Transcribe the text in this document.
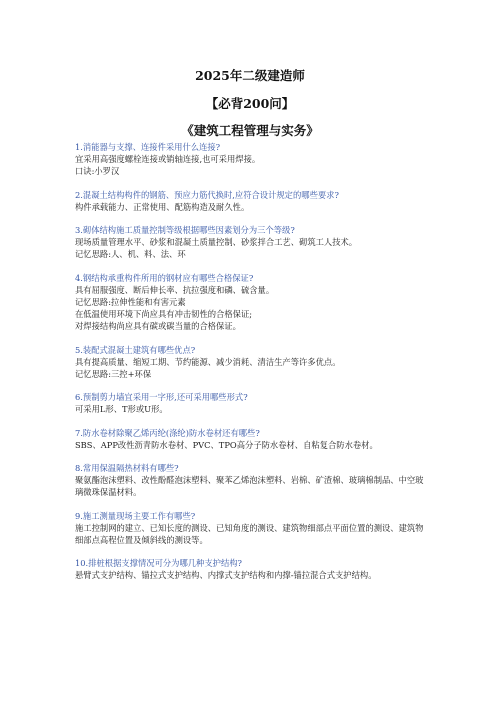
2025年二级建造师
【必背200问】
《建筑工程管理与实务》
1.消能器与支撑、连接件采用什么连接?
宜采用高强度螺栓连接或销轴连接,也可采用焊接。
口诀:小罗汉
2.混凝土结构构件的钢筋、预应力筋代换时,应符合设计规定的哪些要求?
构件承载能力、正常使用、配筋构造及耐久性。
3.砌体结构施工质量控制等级根据哪些因素划分为三个等级?
现场质量管理水平、砂浆和混凝土质量控制、砂浆拌合工艺、砌筑工人技术。
记忆思路:人、机、料、法、环
4.钢结构承重构件所用的钢材应有哪些合格保证?
具有屈服强度、断后伸长率、抗拉强度和磷、硫含量。
记忆思路:拉伸性能和有害元素
在低温使用环境下尚应具有冲击韧性的合格保证;
对焊接结构尚应具有碳或碳当量的合格保证。
5.装配式混凝土建筑有哪些优点?
具有提高质量、缩短工期、节约能源、减少消耗、清洁生产等许多优点。
记忆思路:三控+环保
6.预制剪力墙宜采用一字形,还可采用哪些形式?
可采用L形、T形或U形。
7.防水卷材除聚乙烯丙纶(涤纶)防水卷材还有哪些?
SBS、APP改性沥青防水卷材、PVC、TPO高分子防水卷材、自粘复合防水卷材。
8.常用保温隔热材料有哪些?
聚氨酯泡沫塑料、改性酚醛泡沫塑料、聚苯乙烯泡沫塑料、岩棉、矿渣棉、玻璃棉制品、中空玻璃微珠保温材料。
9.施工测量现场主要工作有哪些?
施工控制网的建立、已知长度的测设、已知角度的测设、建筑物细部点平面位置的测设、建筑物细部点高程位置及倾斜线的测设等。
10.排桩根据支撑情况可分为哪几种支护结构?
悬臂式支护结构、锚拉式支护结构、内撑式支护结构和内撑-锚拉混合式支护结构。
